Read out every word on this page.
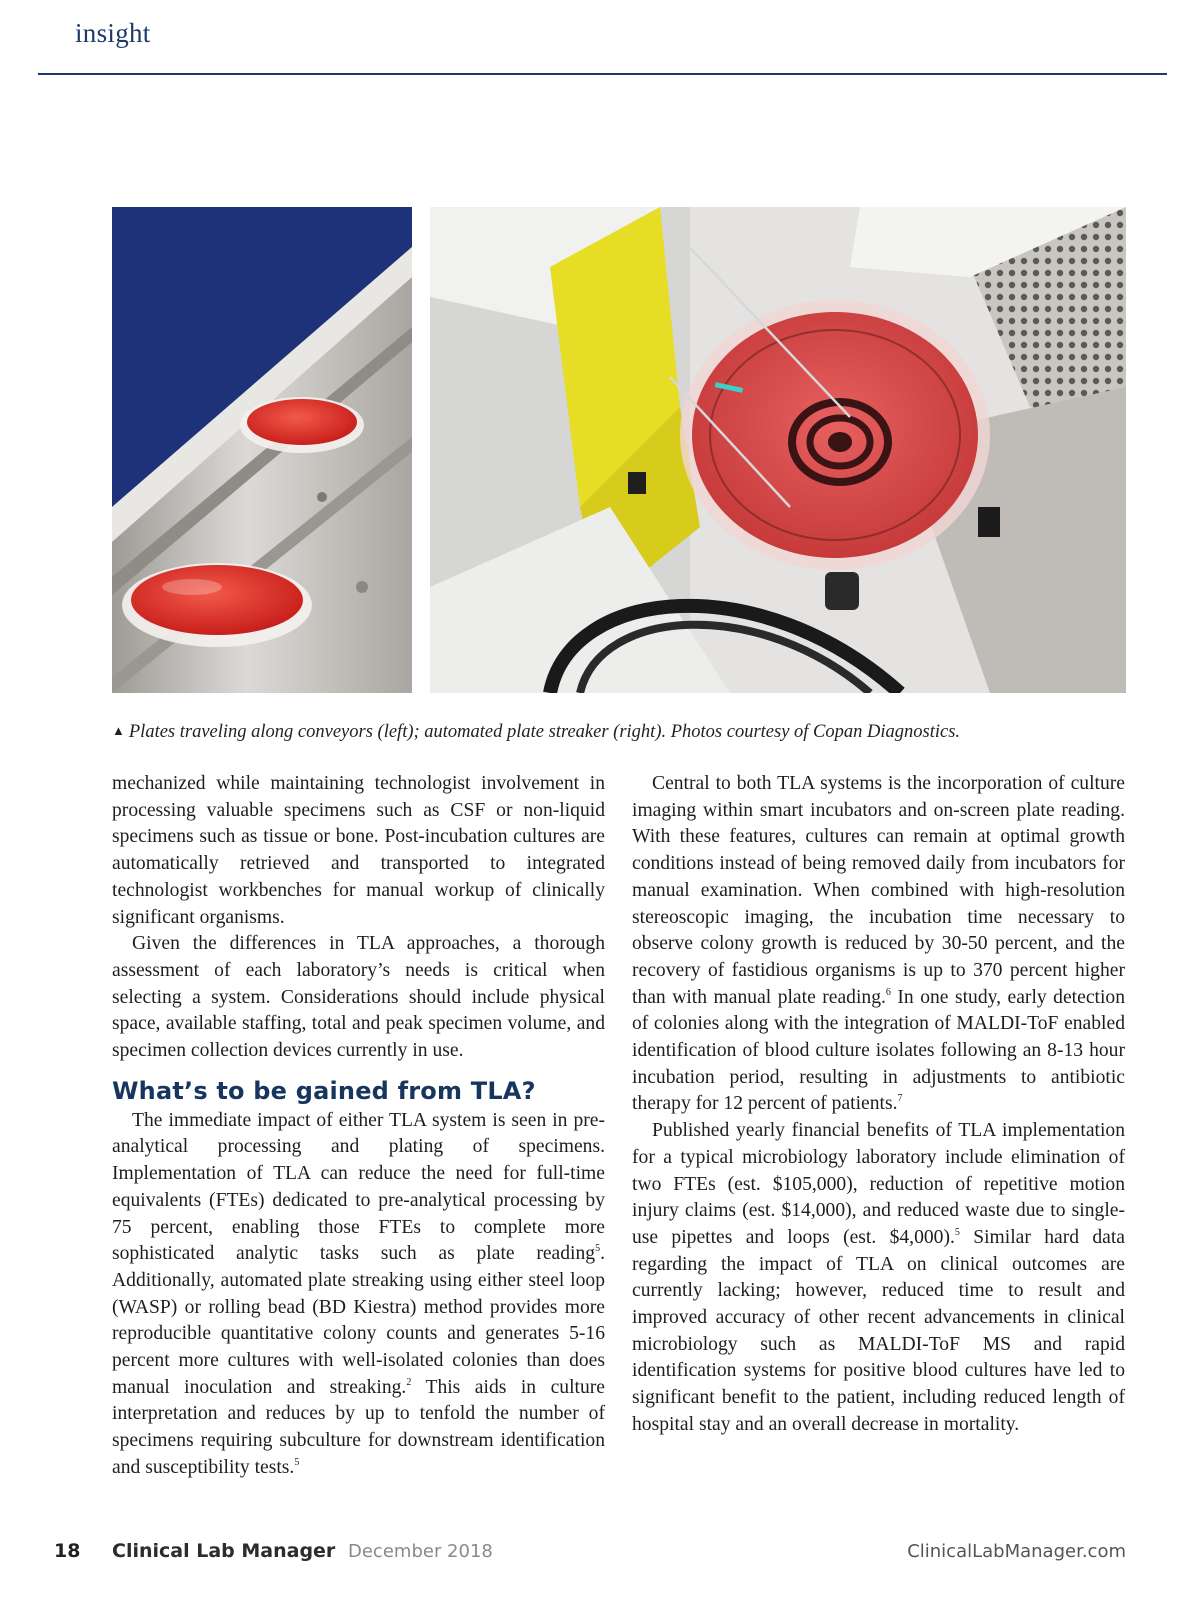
insight
▲ Plates traveling along conveyors (left); automated plate streaker (right). Photos courtesy of Copan Diagnostics.

mechanized while maintaining technologist involvement in processing valuable specimens such as CSF or non-liquid specimens such as tissue or bone. Post-incubation cultures are automatically retrieved and transported to integrated technologist workbenches for manual workup of clinically significant organisms.

Given the differences in TLA approaches, a thorough assessment of each laboratory’s needs is critical when selecting a system. Considerations should include physical space, available staffing, total and peak specimen volume, and specimen collection devices currently in use.

What’s to be gained from TLA?

The immediate impact of either TLA system is seen in pre-analytical processing and plating of specimens. Implementation of TLA can reduce the need for full-time equivalents (FTEs) dedicated to pre-analytical processing by 75 percent, enabling those FTEs to complete more sophisticated analytic tasks such as plate reading$^5$. Additionally, automated plate streaking using either steel loop (WASP) or rolling bead (BD Kiestra) method provides more reproducible quantitative colony counts and generates 5-16 percent more cultures with well-isolated colonies than does manual inoculation and streaking.$^2$ This aids in culture interpretation and reduces by up to tenfold the number of specimens requiring subculture for downstream identification and susceptibility tests.$^5$

Central to both TLA systems is the incorporation of culture imaging within smart incubators and on-screen plate reading. With these features, cultures can remain at optimal growth conditions instead of being removed daily from incubators for manual examination. When combined with high-resolution stereoscopic imaging, the incubation time necessary to observe colony growth is reduced by 30-50 percent, and the recovery of fastidious organisms is up to 370 percent higher than with manual plate reading.$^6$ In one study, early detection of colonies along with the integration of MALDI-ToF enabled identification of blood culture isolates following an 8-13 hour incubation period, resulting in adjustments to antibiotic therapy for 12 percent of patients.$^7$

Published yearly financial benefits of TLA implementation for a typical microbiology laboratory include elimination of two FTEs (est. $105,000), reduction of repetitive motion injury claims (est. $14,000), and reduced waste due to single-use pipettes and loops (est. $4,000).$^5$ Similar hard data regarding the impact of TLA on clinical outcomes are currently lacking; however, reduced time to result and improved accuracy of other recent advancements in clinical microbiology such as MALDI-ToF MS and rapid identification systems for positive blood cultures have led to significant benefit to the patient, including reduced length of hospital stay and an overall decrease in mortality.

18 Clinical Lab Manager December 2018	ClinicalLabManager.com
